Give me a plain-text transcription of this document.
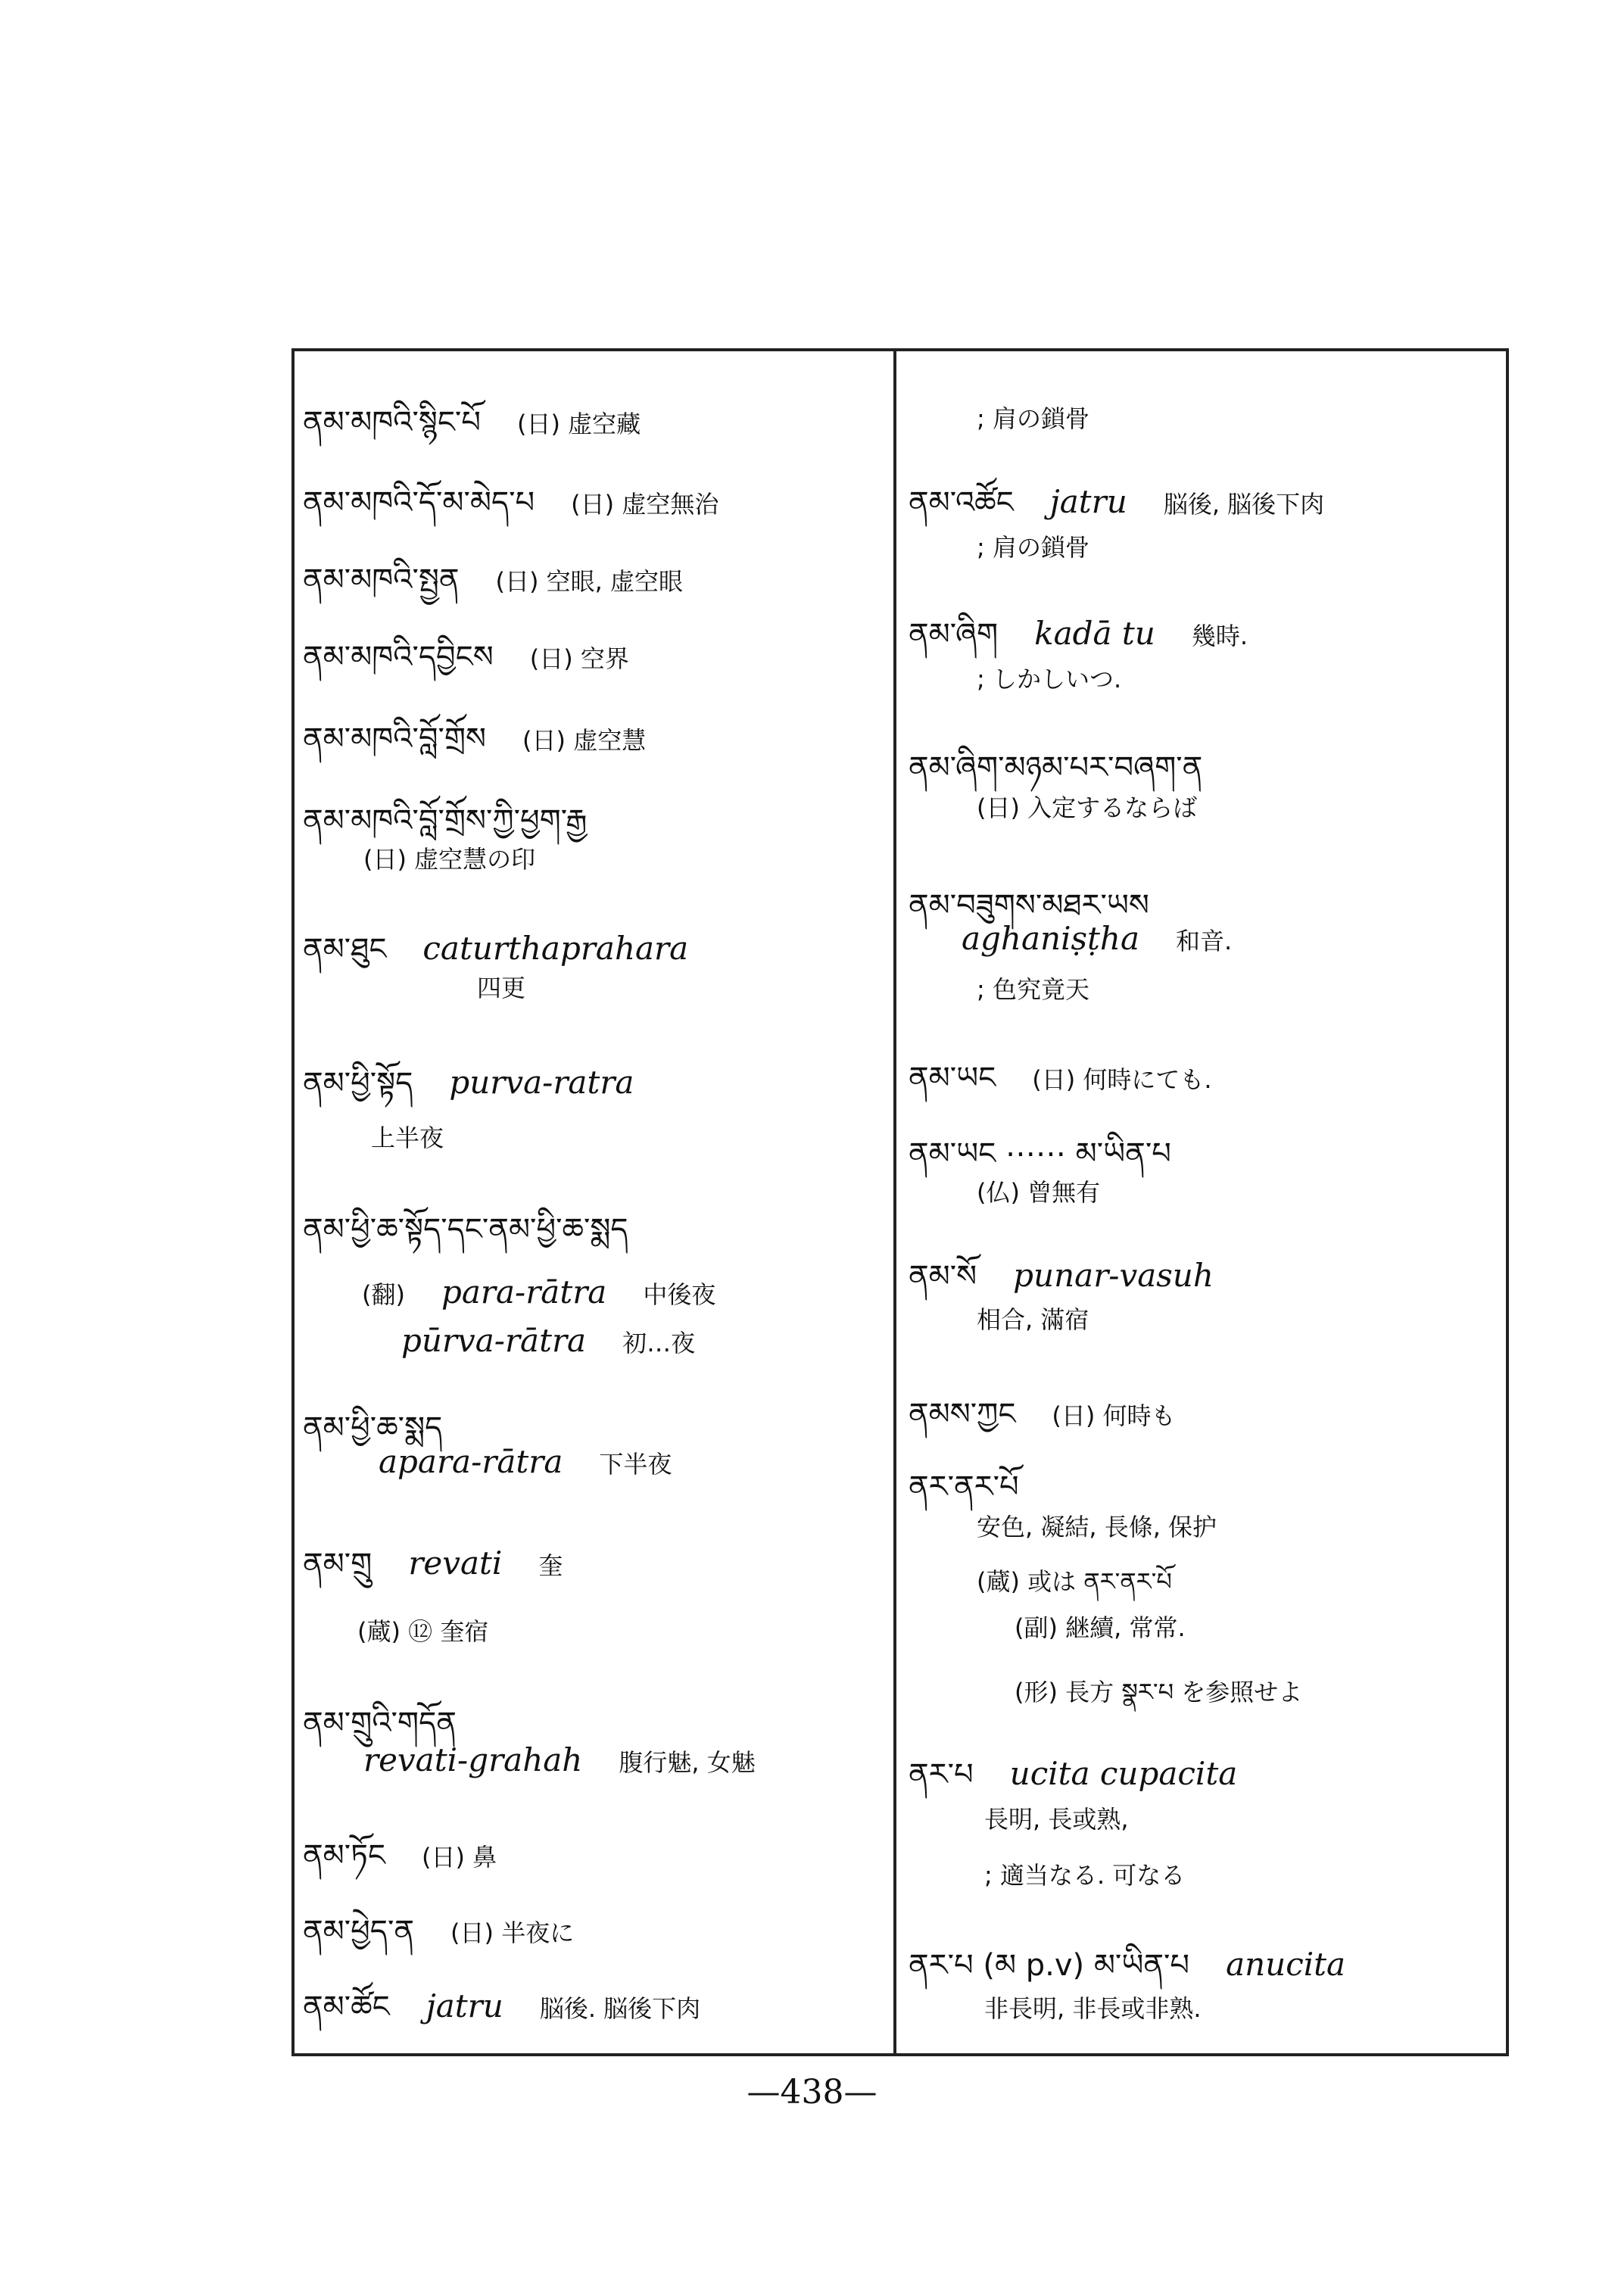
ནམ་མཁའི་སྙིང་པོ (日) 虚空藏
ནམ་མཁའི་དོ་མ་མེད་པ (日) 虚空無治
ནམ་མཁའི་སྤྱན (日) 空眼, 虚空眼
ནམ་མཁའི་དབྱིངས (日) 空界
ནམ་མཁའི་བློ་གྲོས (日) 虚空慧
ནམ་མཁའི་བློ་གྲོས་ཀྱི་ཕྱག་རྒྱ
(日) 虚空慧の印
ནམ་ཐུང caturthaprahara
四更
ནམ་ཕྱི་སྟོད purva-ratra
上半夜
ནམ་ཕྱི་ཆ་སྟོད་དང་ནམ་ཕྱི་ཆ་སྨད
(翻) para-rātra 中後夜
pūrva-rātra 初…夜
ནམ་ཕྱི་ཆ་སྨད
apara-rātra 下半夜
ནམ་གྲུ revati 奎
(蔵) ⑫ 奎宿
ནམ་གྲུའི་གདོན
revati-grahah 腹行魅, 女魅
ནམ་ཏོང (日) 鼻
ནམ་ཕྱེད་ན (日) 半夜に
ནམ་ཚོང jatru 脳後. 脳後下肉
; 肩の鎖骨
ནམ་འཚོང jatru 脳後, 脳後下肉
; 肩の鎖骨
ནམ་ཞིག kadā tu 幾時.
; しかしいつ.
ནམ་ཞིག་མཉམ་པར་བཞག་ན
(日) 入定するならば
ནམ་བཟུགས་མཐར་ཡས
aghaniṣṭha 和音.
; 色究竟天
ནམ་ཡང (日) 何時にても.
ནམ་ཡང ⋯⋯ མ་ཡིན་པ
(仏) 曾無有
ནམ་སོ punar-vasuh
相合, 滿宿
ནམས་ཀྱང (日) 何時も
ནར་ནར་པོ
安色, 凝結, 長條, 保护
(蔵) 或は ནར་ནར་པོ
(副) 継續, 常常.
(形) 長方 སྣར་པ を参照せよ
ནར་པ ucita cupacita
長明, 長或熟,
; 適当なる. 可なる
ནར་པ (མ p.v) མ་ཡིན་པ anucita
非長明, 非長或非熟.
—438—
